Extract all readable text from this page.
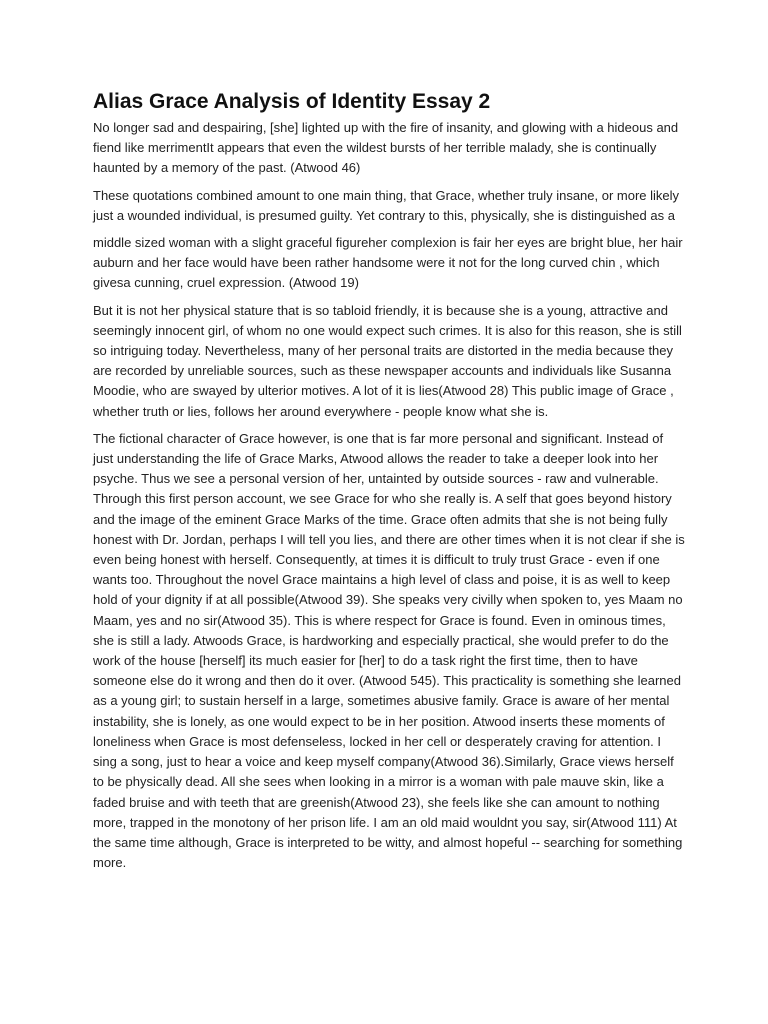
Alias Grace Analysis of Identity Essay 2

No longer sad and despairing, [she] lighted up with the fire of insanity, and glowing with a hideous and fiend like merrimentIt appears that even the wildest bursts of her terrible malady, she is continually haunted by a memory of the past. (Atwood 46)

These quotations combined amount to one main thing, that Grace, whether truly insane, or more likely just a wounded individual, is presumed guilty. Yet contrary to this, physically, she is distinguished as a

middle sized woman with a slight graceful figureher complexion is fair her eyes are bright blue, her hair auburn and her face would have been rather handsome were it not for the long curved chin , which givesa cunning, cruel expression. (Atwood 19)

But it is not her physical stature that is so tabloid friendly, it is because she is a young, attractive and seemingly innocent girl, of whom no one would expect such crimes. It is also for this reason, she is still so intriguing today. Nevertheless, many of her personal traits are distorted in the media because they are recorded by unreliable sources, such as these newspaper accounts and individuals like Susanna Moodie, who are swayed by ulterior motives. A lot of it is lies(Atwood 28) This public image of Grace , whether truth or lies, follows her around everywhere - people know what she is.

The fictional character of Grace however, is one that is far more personal and significant. Instead of just understanding the life of Grace Marks, Atwood allows the reader to take a deeper look into her psyche. Thus we see a personal version of her, untainted by outside sources - raw and vulnerable. Through this first person account, we see Grace for who she really is. A self that goes beyond history and the image of the eminent Grace Marks of the time. Grace often admits that she is not being fully honest with Dr. Jordan, perhaps I will tell you lies, and there are other times when it is not clear if she is even being honest with herself. Consequently, at times it is difficult to truly trust Grace - even if one wants too. Throughout the novel Grace maintains a high level of class and poise, it is as well to keep hold of your dignity if at all possible(Atwood 39). She speaks very civilly when spoken to, yes Maam no Maam, yes and no sir(Atwood 35). This is where respect for Grace is found. Even in ominous times, she is still a lady. Atwoods Grace, is hardworking and especially practical, she would prefer to do the work of the house [herself] its much easier for [her] to do a task right the first time, then to have someone else do it wrong and then do it over. (Atwood 545). This practicality is something she learned as a young girl; to sustain herself in a large, sometimes abusive family. Grace is aware of her mental instability, she is lonely, as one would expect to be in her position. Atwood inserts these moments of loneliness when Grace is most defenseless, locked in her cell or desperately craving for attention. I sing a song, just to hear a voice and keep myself company(Atwood 36).Similarly, Grace views herself to be physically dead. All she sees when looking in a mirror is a woman with pale mauve skin, like a faded bruise and with teeth that are greenish(Atwood 23), she feels like she can amount to nothing more, trapped in the monotony of her prison life. I am an old maid wouldnt you say, sir(Atwood 111) At the same time although, Grace is interpreted to be witty, and almost hopeful -- searching for something more.
